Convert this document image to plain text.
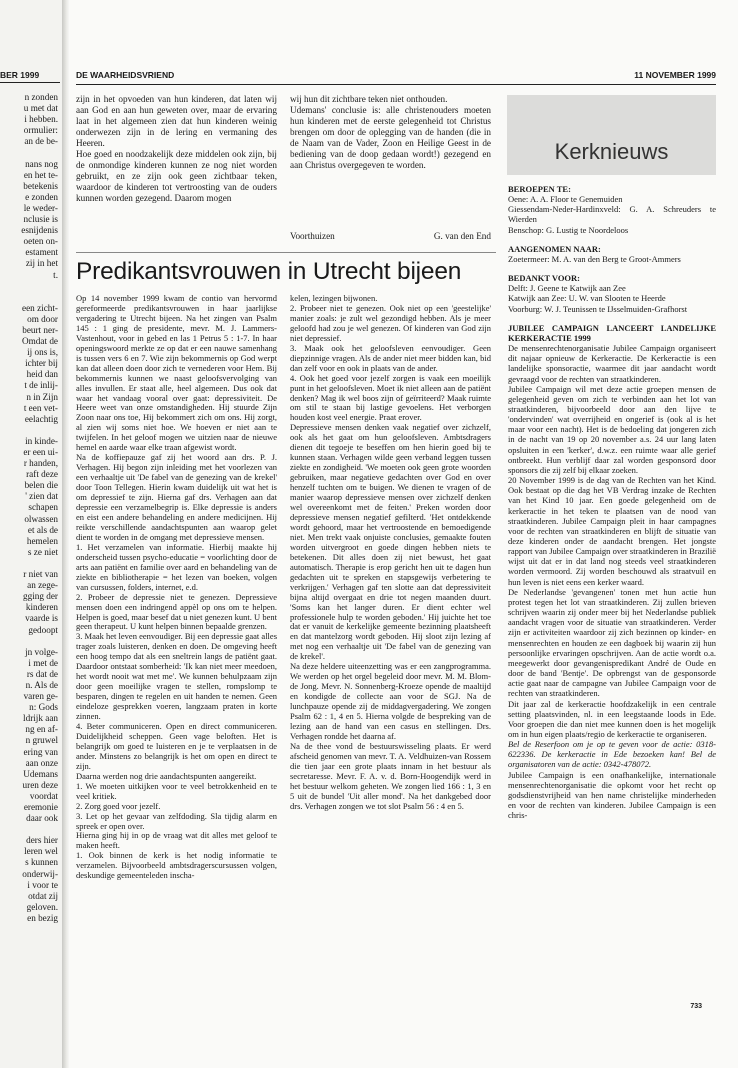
BER 1999
n zonden
u met dat
i hebben.
ormulier:
an de be-
nans nog
en het te-
betekenis
e zonden
le weder-
nclusie is
esnijdenis
oeten on-
estament
zij in het
t.
een zicht-
om door
beurt ner-
Omdat de
ij ons is,
ichter bij
heid dan
t de inlij-
n in Zijn
t een vet-
eelachtig
in kinde-
er een ui-
r handen,
raft deze
belen die
' zien dat
schapen
olwassen
et als de
hemelen
s ze niet
r niet van
an zege-
gging der
kinderen
vaarde is
gedoopt
jn volge-
i met de
rs dat de
n. Als de
varen ge-
n: Gods
ldrijk aan
ng en af-
n gruwel
ering van
aan onze
Udemans
uren deze
voordat
eremonie
daar ook
ders hier
leren wel
s kunnen
onderwij-
i voor te
otdat zij
geloven.
en bezig
DE WAARHEIDSVRIEND	11 NOVEMBER 1999

zijn in het opvoeden van hun kinderen, dat laten wij aan God en aan hun geweten over, maar de ervaring laat in het algemeen zien dat hun kinderen weinig onderwezen zijn in de lering en vermaning des Heeren.

Hoe goed en noodzakelijk deze middelen ook zijn, bij de onmondige kinderen kunnen ze nog niet worden gebruikt, en ze zijn ook geen zichtbaar teken, waardoor de kinderen tot vertroosting van de ouders kunnen worden gezegend. Daarom mogen

wij hun dit zichtbare teken niet onthouden.

Udemans' conclusie is: alle christenouders moeten hun kinderen met de eerste gelegenheid tot Christus brengen om door de oplegging van de handen (die in de Naam van de Vader, Zoon en Heilige Geest in de bediening van de doop gedaan wordt!) gezegend en aan Christus overgegeven te worden.

Voorthuizen	G. van den End
Predikantsvrouwen in Utrecht bijeen

Op 14 november 1999 kwam de contio van hervormd gereformeerde predikantsvrouwen in haar jaarlijkse vergadering te Utrecht bijeen. Na het zingen van Psalm 145 : 1 ging de presidente, mevr. M. J. Lammers-Vastenhout, voor in gebed en las 1 Petrus 5 : 1-7. In haar openingswoord merkte ze op dat er een nauwe samenhang is tussen vers 6 en 7. Wie zijn bekommernis op God werpt kan dat alleen doen door zich te vernederen voor Hem. Bij bekommernis kunnen we naast geloofsvervolging van alles invullen. Er staat alle, heel algemeen. Dus ook dat waar het vandaag vooral over gaat: depressiviteit. De Heere weet van onze omstandigheden. Hij stuurde Zijn Zoon naar ons toe, Hij bekommert zich om ons. Hij zorgt, al zien wij soms niet hoe. We hoeven er niet aan te twijfelen. In het geloof mogen we uitzien naar de nieuwe hemel en aarde waar elke traan afgewist wordt.

Na de koffiepauze gaf zij het woord aan drs. P. J. Verhagen. Hij begon zijn inleiding met het voorlezen van een verhaaltje uit 'De fabel van de genezing van de krekel' door Toon Tellegen. Hierin kwam duidelijk uit wat het is om depressief te zijn. Hierna gaf drs. Verhagen aan dat depressie een verzamelbegrip is. Elke depressie is anders en eist een andere behandeling en andere medicijnen. Hij reikte verschillende aandachtspunten aan waarop gelet dient te worden in de omgang met depressieve mensen.

1. Het verzamelen van informatie. Hierbij maakte hij onderscheid tussen psycho-educatie = voorlichting door de arts aan patiënt en familie over aard en behandeling van de ziekte en bibliotherapie = het lezen van boeken, volgen van cursussen, folders, internet, e.d.

2. Probeer de depressie niet te genezen. Depressieve mensen doen een indringend appèl op ons om te helpen. Helpen is goed, maar besef dat u niet genezen kunt. U bent geen therapeut. U kunt helpen binnen bepaalde grenzen.

3. Maak het leven eenvoudiger. Bij een depressie gaat alles trager zoals luisteren, denken en doen. De omgeving heeft een hoog tempo dat als een sneltrein langs de patiënt gaat. Daardoor ontstaat somberheid: 'Ik kan niet meer meedoen, het wordt nooit wat met me'. We kunnen behulpzaam zijn door geen moeilijke vragen te stellen, rompslomp te besparen, dingen te regelen en uit handen te nemen. Geen eindeloze gesprekken voeren, langzaam praten in korte zinnen.

4. Beter communiceren. Open en direct communiceren. Duidelijkheid scheppen. Geen vage beloften. Het is belangrijk om goed te luisteren en je te verplaatsen in de ander. Minstens zo belangrijk is het om open en direct te zijn.

Daarna werden nog drie aandachtspunten aangereikt.

1. We moeten uitkijken voor te veel betrokkenheid en te veel kritiek.

2. Zorg goed voor jezelf.

3. Let op het gevaar van zelfdoding. Sla tijdig alarm en spreek er open over.

Hierna ging hij in op de vraag wat dit alles met geloof te maken heeft.

1. Ook binnen de kerk is het nodig informatie te verzamelen. Bijvoorbeeld ambtsdragerscursussen volgen, deskundige gemeenteleden inscha-

kelen, lezingen bijwonen.

2. Probeer niet te genezen. Ook niet op een 'geestelijke' manier zoals: je zult wel gezondigd hebben. Als je meer geloofd had zou je wel genezen. Of kinderen van God zijn niet depressief.

3. Maak ook het geloofsleven eenvoudiger. Geen diepzinnige vragen. Als de ander niet meer bidden kan, bid dan zelf voor en ook in plaats van de ander.

4. Ook het goed voor jezelf zorgen is vaak een moeilijk punt in het geloofsleven. Moet ik niet alleen aan de patiënt denken? Mag ik wel boos zijn of geïrriteerd? Maak ruimte om stil te staan bij lastige gevoelens. Het verborgen houden kost veel energie. Praat erover.

Depressieve mensen denken vaak negatief over zichzelf, ook als het gaat om hun geloofsleven. Ambtsdragers dienen dit tegoeje te beseffen om hen hierin goed bij te kunnen staan. Verhagen wilde geen verband leggen tussen ziekte en zondigheid. 'We moeten ook geen grote woorden gebruiken, maar negatieve gedachten over God en over henzelf tuchten om te buigen. We dienen te vragen of de manier waarop depressieve mensen over zichzelf denken wel overeenkomt met de feiten.' Preken worden door depressieve mensen negatief gefilterd. 'Het ontdekkende wordt gehoord, maar het vertroostende en bemoedigende niet. Men trekt vaak onjuiste conclusies, gemaakte fouten worden uitvergroot en goede dingen hebben niets te betekenen. Dit alles doen zij niet bewust, het gaat automatisch. Therapie is erop gericht hen uit te dagen hun gedachten uit te spreken en stapsgewijs verbetering te verkrijgen.' Verhagen gaf ten slotte aan dat depressiviteit bijna altijd overgaat en drie tot negen maanden duurt. 'Soms kan het langer duren. Er dient echter wel professionele hulp te worden geboden.' Hij juichte het toe dat er vanuit de kerkelijke gemeente bezinning plaatsheeft en dat mantelzorg wordt geboden. Hij sloot zijn lezing af met nog een verhaaltje uit 'De fabel van de genezing van de krekel'.

Na deze heldere uiteenzetting was er een zangprogramma. We werden op het orgel begeleid door mevr. M. M. Blom-de Jong. Mevr. N. Sonnenberg-Kroeze opende de maaltijd en kondigde de collecte aan voor de SGJ. Na de lunchpauze opende zij de middagvergadering. We zongen Psalm 62 : 1, 4 en 5. Hierna volgde de bespreking van de lezing aan de hand van een casus en stellingen. Drs. Verhagen rondde het daarna af.

Na de thee vond de bestuurswisseling plaats. Er werd afscheid genomen van mevr. T. A. Veldhuizen-van Rossem die tien jaar een grote plaats innam in het bestuur als secretaresse. Mevr. F. A. v. d. Born-Hoogendijk werd in het bestuur welkom geheten. We zongen lied 166 : 1, 3 en 5 uit de bundel 'Uit aller mond'. Na het dankgebed door drs. Verhagen zongen we tot slot Psalm 56 : 4 en 5.

Kerknieuws

BEROEPEN TE:

Oene: A. A. Floor te Genemuiden

Giessendam-Neder-Hardinxveld: G. A. Schreuders te Wierden

Benschop: G. Lustig te Noordeloos

AANGENOMEN NAAR:

Zoetermeer: M. A. van den Berg te Groot-Ammers

BEDANKT VOOR:

Delft: J. Geene te Katwijk aan Zee

Katwijk aan Zee: U. W. van Slooten te Heerde

Voorburg: W. J. Teunissen te IJsselmuiden-Grafhorst

JUBILEE CAMPAIGN LANCEERT LANDELIJKE KERKERACTIE 1999

De mensenrechtenorganisatie Jubilee Campaign organiseert dit najaar opnieuw de Kerkeractie. De Kerkeractie is een landelijke sponsoractie, waarmee dit jaar aandacht wordt gevraagd voor de rechten van straatkinderen.

Jubilee Campaign wil met deze actie groepen mensen de gelegenheid geven om zich te verbinden aan het lot van straatkinderen, bijvoorbeeld door aan den lijve te 'ondervinden' wat overrijheid en ongerief is (ook al is het maar voor een nacht). Het is de bedoeling dat jongeren zich in de nacht van 19 op 20 november a.s. 24 uur lang laten opsluiten in een 'kerker', d.w.z. een ruimte waar alle gerief ontbreekt. Hun verblijf daar zal worden gesponsord door sponsors die zij zelf bij elkaar zoeken.

20 November 1999 is de dag van de Rechten van het Kind. Ook bestaat op die dag het VB Verdrag inzake de Rechten van het Kind 10 jaar. Een goede gelegenheid om de kerkeractie in het teken te plaatsen van de nood van straatkinderen. Jubilee Campaign pleit in haar campagnes voor de rechten van straatkinderen en blijft de situatie van deze kinderen onder de aandacht brengen. Het jongste rapport van Jubilee Campaign over straatkinderen in Brazilië wijst uit dat er in dat land nog steeds veel straatkinderen worden vermoord. Zij worden beschouwd als straatvuil en hun leven is niet eens een kerker waard.

De Nederlandse 'gevangenen' tonen met hun actie hun protest tegen het lot van straatkinderen. Zij zullen brieven schrijven waarin zij onder meer bij het Nederlandse publiek aandacht vragen voor de situatie van straatkinderen. Verder zijn er activiteiten waardoor zij zich bezinnen op kinder- en mensenrechten en houden ze een dagboek bij waarin zij hun persoonlijke ervaringen opschrijven. Aan de actie wordt o.a. meegewerkt door gevangenispredikant André de Oude en door de band 'Bentje'. De opbrengst van de gesponsorde actie gaat naar de campagne van Jubilee Campaign voor de rechten van straatkinderen.

Dit jaar zal de kerkeractie hoofdzakelijk in een centrale setting plaatsvinden, nl. in een leegstaande loods in Ede. Voor groepen die dan niet mee kunnen doen is het mogelijk om in hun eigen plaats/regio de kerkeractie te organiseren.

Bel de Reserfoon om je op te geven voor de actie: 0318-622336. De kerkeractie in Ede bezoeken kan! Bel de organisatoren van de actie: 0342-478072.

Jubilee Campaign is een onafhankelijke, internationale mensenrechtenorganisatie die opkomt voor het recht op godsdienstvrijheid van hen name christelijke minderheden en voor de rechten van kinderen. Jubilee Campaign is een chris-

733
